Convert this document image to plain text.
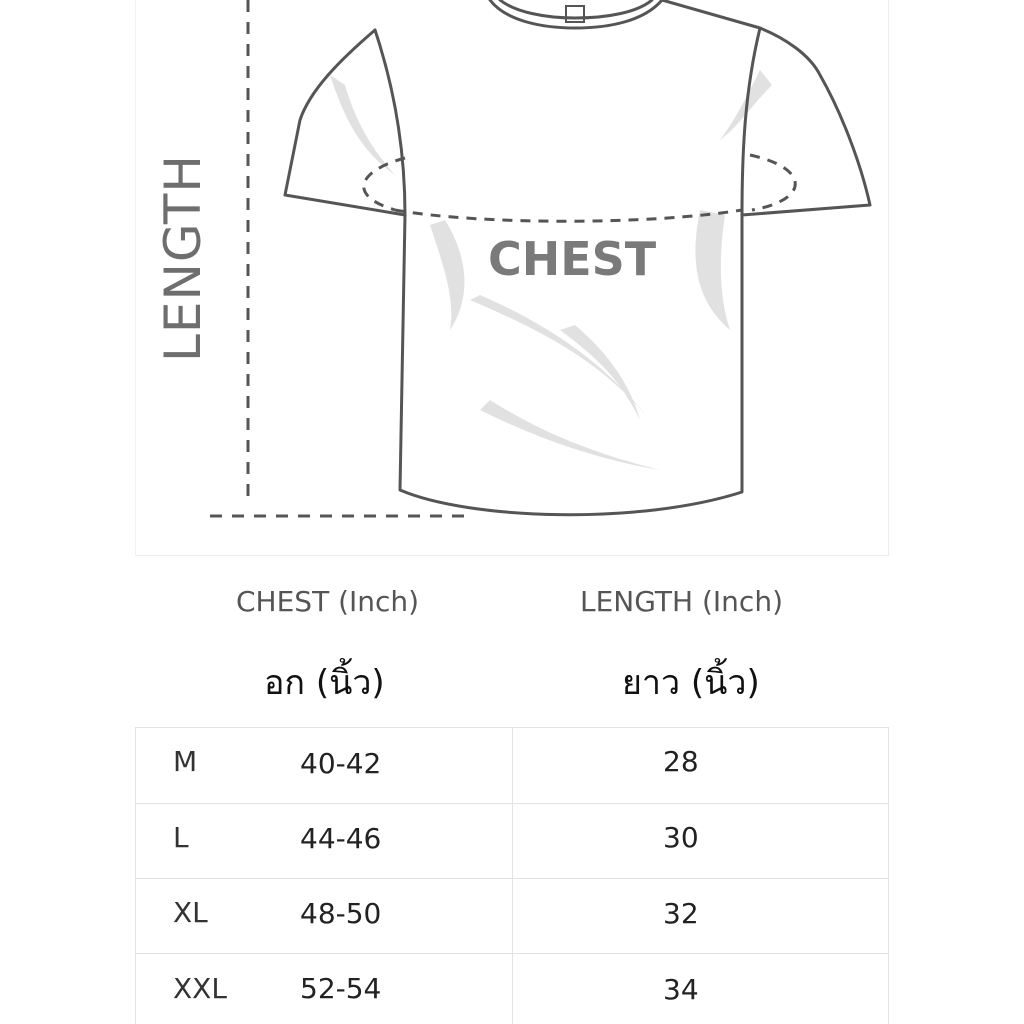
LENGTH	CHEST
CHEST (Inch)
อก (นิ้ว)
LENGTH (Inch)
ยาว (นิ้ว)
M	40-42	28
L	44-46	30
XL	48-50	32
XXL	52-54	34
